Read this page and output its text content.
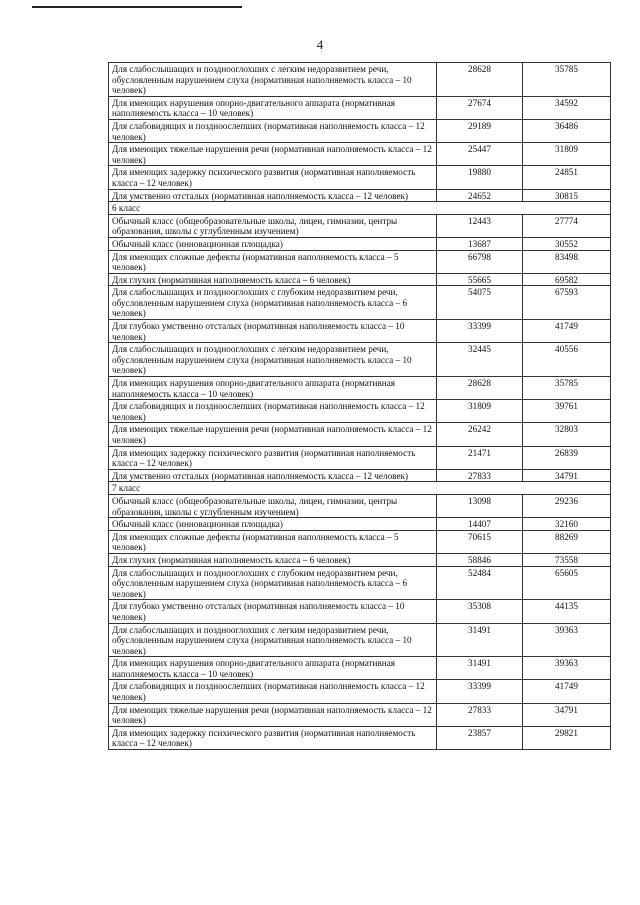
4
Для слабослышащих и позднооглохших с легким недоразвитием речи, обусловленным нарушением слуха (нормативная наполняемость класса – 10 человек)	28628	35785
Для имеющих нарушения опорно-двигательного аппарата (нормативная наполняемость класса – 10 человек)	27674	34592
Для слабовидящих и поздноослепших (нормативная наполняемость класса – 12 человек)	29189	36486
Для имеющих тяжелые нарушения речи (нормативная наполняемость класса – 12 человек)	25447	31809
Для имеющих задержку психического развития (нормативная наполняемость класса – 12 человек)	19880	24851
Для умственно отсталых (нормативная наполняемость класса – 12 человек)	24652	30815
6 класс		
Обычный класс (общеобразовательные школы, лицеи, гимназии, центры образования, школы с углубленным изучением)	12443	27774
Обычный класс (инновационная площадка)	13687	30552
Для имеющих сложные дефекты (нормативная наполняемость класса – 5 человек)	66798	83498
Для глухих (нормативная наполняемость класса – 6 человек)	55665	69582
Для слабослышащих и позднооглохших с глубоким недоразвитием речи, обусловленным нарушением слуха (нормативная наполняемость класса – 6 человек)	54075	67593
Для глубоко умственно отсталых (нормативная наполняемость класса – 10 человек)	33399	41749
Для слабослышащих и позднооглохших с легким недоразвитием речи, обусловленным нарушением слуха (нормативная наполняемость класса – 10 человек)	32445	40556
Для имеющих нарушения опорно-двигательного аппарата (нормативная наполняемость класса – 10 человек)	28628	35785
Для слабовидящих и поздноослепших (нормативная наполняемость класса – 12 человек)	31809	39761
Для имеющих тяжелые нарушения речи (нормативная наполняемость класса – 12 человек)	26242	32803
Для имеющих задержку психического развития (нормативная наполняемость класса – 12 человек)	21471	26839
Для умственно отсталых (нормативная наполняемость класса – 12 человек)	27833	34791
7 класс		
Обычный класс (общеобразовательные школы, лицеи, гимназии, центры образования, школы с углубленным изучением)	13098	29236
Обычный класс (инновационная площадка)	14407	32160
Для имеющих сложные дефекты (нормативная наполняемость класса – 5 человек)	70615	88269
Для глухих (нормативная наполняемость класса – 6 человек)	58846	73558
Для слабослышащих и позднооглохших с глубоким недоразвитием речи, обусловленным нарушением слуха (нормативная наполняемость класса – 6 человек)	52484	65605
Для глубоко умственно отсталых (нормативная наполняемость класса – 10 человек)	35308	44135
Для слабослышащих и позднооглохших с легким недоразвитием речи, обусловленным нарушением слуха (нормативная наполняемость класса – 10 человек)	31491	39363
Для имеющих нарушения опорно-двигательного аппарата (нормативная наполняемость класса – 10 человек)	31491	39363
Для слабовидящих и поздноослепших (нормативная наполняемость класса – 12 человек)	33399	41749
Для имеющих тяжелые нарушения речи (нормативная наполняемость класса – 12 человек)	27833	34791
Для имеющих задержку психического развития (нормативная наполняемость класса – 12 человек)	23857	29821
